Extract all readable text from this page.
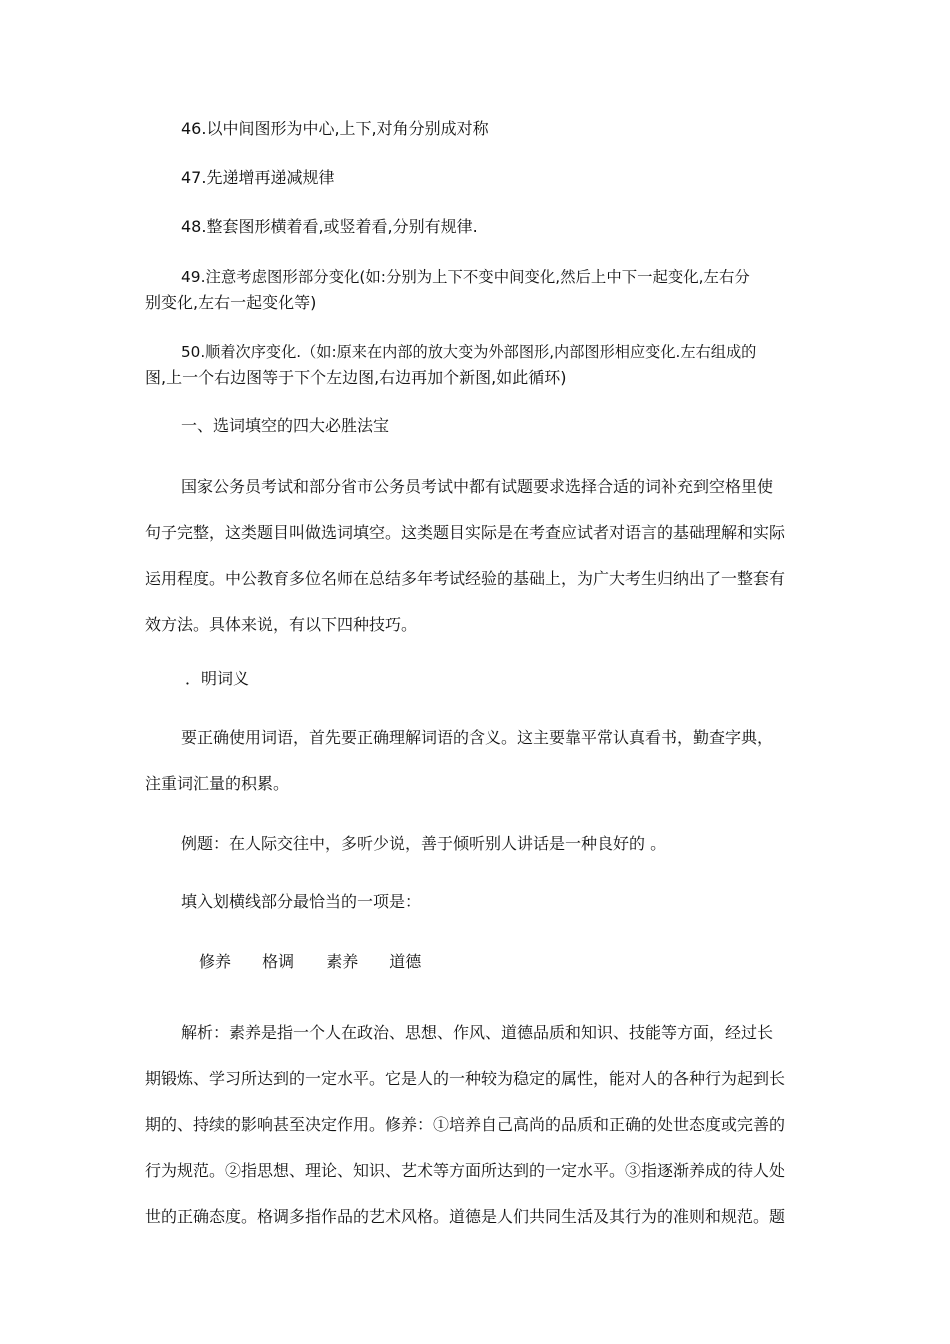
46.以中间图形为中心,上下,对角分别成对称

47.先递增再递减规律

48.整套图形横着看,或竖着看,分别有规律.

49.注意考虑图形部分变化(如:分别为上下不变中间变化,然后上中下一起变化,左右分
别变化,左右一起变化等)

50.顺着次序变化.（如:原来在内部的放大变为外部图形,内部图形相应变化.左右组成的
图,上一个右边图等于下个左边图,右边再加个新图,如此循环)

一、选词填空的四大必胜法宝

国家公务员考试和部分省市公务员考试中都有试题要求选择合适的词补充到空格里使
句子完整，这类题目叫做选词填空。这类题目实际是在考查应试者对语言的基础理解和实际
运用程度。中公教育多位名师在总结多年考试经验的基础上，为广大考生归纳出了一整套有
效方法。具体来说，有以下四种技巧。

．明词义

要正确使用词语，首先要正确理解词语的含义。这主要靠平常认真看书，勤查字典，
注重词汇量的积累。

例题：在人际交往中，多听少说，善于倾听别人讲话是一种良好的 。

填入划横线部分最恰当的一项是：

修养 格调 素养 道德

解析：素养是指一个人在政治、思想、作风、道德品质和知识、技能等方面，经过长
期锻炼、学习所达到的一定水平。它是人的一种较为稳定的属性，能对人的各种行为起到长
期的、持续的影响甚至决定作用。修养：①培养自己高尚的品质和正确的处世态度或完善的
行为规范。②指思想、理论、知识、艺术等方面所达到的一定水平。③指逐渐养成的待人处
世的正确态度。格调多指作品的艺术风格。道德是人们共同生活及其行为的准则和规范。题
